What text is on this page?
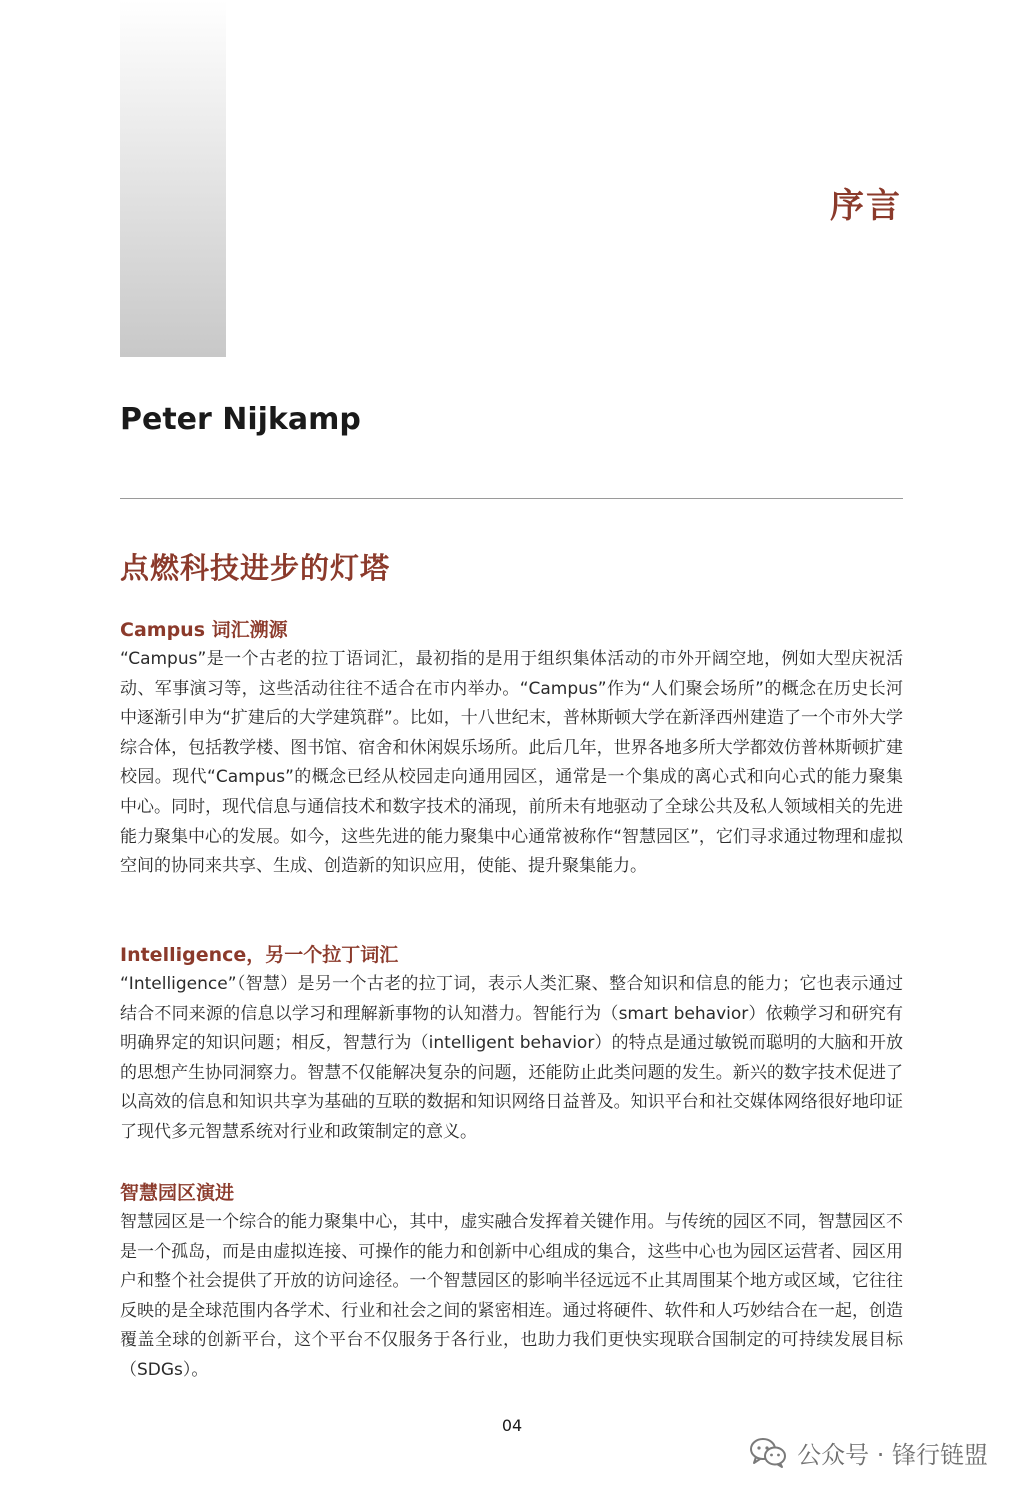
序言
Peter Nijkamp
点燃科技进步的灯塔
Campus 词汇溯源

“Campus”是一个古老的拉丁语词汇，最初指的是用于组织集体活动的市外开阔空地，例如大型庆祝活动、军事演习等，这些活动往往不适合在市内举办。“Campus”作为“人们聚会场所”的概念在历史长河中逐渐引申为“扩建后的大学建筑群”。比如，十八世纪末，普林斯顿大学在新泽西州建造了一个市外大学综合体，包括教学楼、图书馆、宿舍和休闲娱乐场所。此后几年，世界各地多所大学都效仿普林斯顿扩建校园。现代“Campus”的概念已经从校园走向通用园区，通常是一个集成的离心式和向心式的能力聚集中心。同时，现代信息与通信技术和数字技术的涌现，前所未有地驱动了全球公共及私人领域相关的先进能力聚集中心的发展。如今，这些先进的能力聚集中心通常被称作“智慧园区”，它们寻求通过物理和虚拟空间的协同来共享、生成、创造新的知识应用，使能、提升聚集能力。

Intelligence，另一个拉丁词汇

“Intelligence”（智慧）是另一个古老的拉丁词，表示人类汇聚、整合知识和信息的能力；它也表示通过结合不同来源的信息以学习和理解新事物的认知潜力。智能行为（smart behavior）依赖学习和研究有明确界定的知识问题；相反，智慧行为（intelligent behavior）的特点是通过敏锐而聪明的大脑和开放的思想产生协同洞察力。智慧不仅能解决复杂的问题，还能防止此类问题的发生。新兴的数字技术促进了以高效的信息和知识共享为基础的互联的数据和知识网络日益普及。知识平台和社交媒体网络很好地印证了现代多元智慧系统对行业和政策制定的意义。

智慧园区演进

智慧园区是一个综合的能力聚集中心，其中，虚实融合发挥着关键作用。与传统的园区不同，智慧园区不是一个孤岛，而是由虚拟连接、可操作的能力和创新中心组成的集合，这些中心也为园区运营者、园区用户和整个社会提供了开放的访问途径。一个智慧园区的影响半径远远不止其周围某个地方或区域，它往往反映的是全球范围内各学术、行业和社会之间的紧密相连。通过将硬件、软件和人巧妙结合在一起，创造覆盖全球的创新平台，这个平台不仅服务于各行业，也助力我们更快实现联合国制定的可持续发展目标（SDGs）。

04
公众号 · 锋行链盟
